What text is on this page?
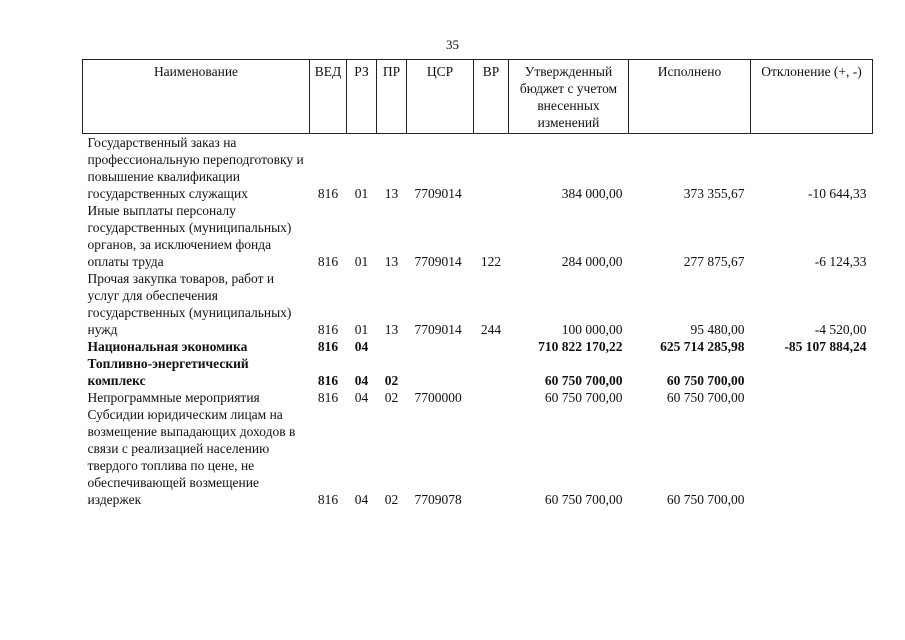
35
Наименование	ВЕД	РЗ	ПР	ЦСР	ВР	Утвержденный бюджет с учетом внесенных изменений	Исполнено	Отклонение (+, -)
Государственный заказ на профессиональную переподготовку и повышение квалификации государственных служащих	816	01	13	7709014		384 000,00	373 355,67	-10 644,33
Иные выплаты персоналу государственных (муниципальных) органов, за исключением фонда оплаты труда	816	01	13	7709014	122	284 000,00	277 875,67	-6 124,33
Прочая закупка товаров, работ и услуг для обеспечения государственных (муниципальных) нужд	816	01	13	7709014	244	100 000,00	95 480,00	-4 520,00
Национальная экономика	816	04				710 822 170,22	625 714 285,98	-85 107 884,24
Топливно-энергетический комплекс	816	04	02			60 750 700,00	60 750 700,00	
Непрограммные мероприятия	816	04	02	7700000		60 750 700,00	60 750 700,00	
Субсидии юридическим лицам на возмещение выпадающих доходов в связи с реализацией населению твердого топлива по цене, не обеспечивающей возмещение издержек	816	04	02	7709078		60 750 700,00	60 750 700,00	
